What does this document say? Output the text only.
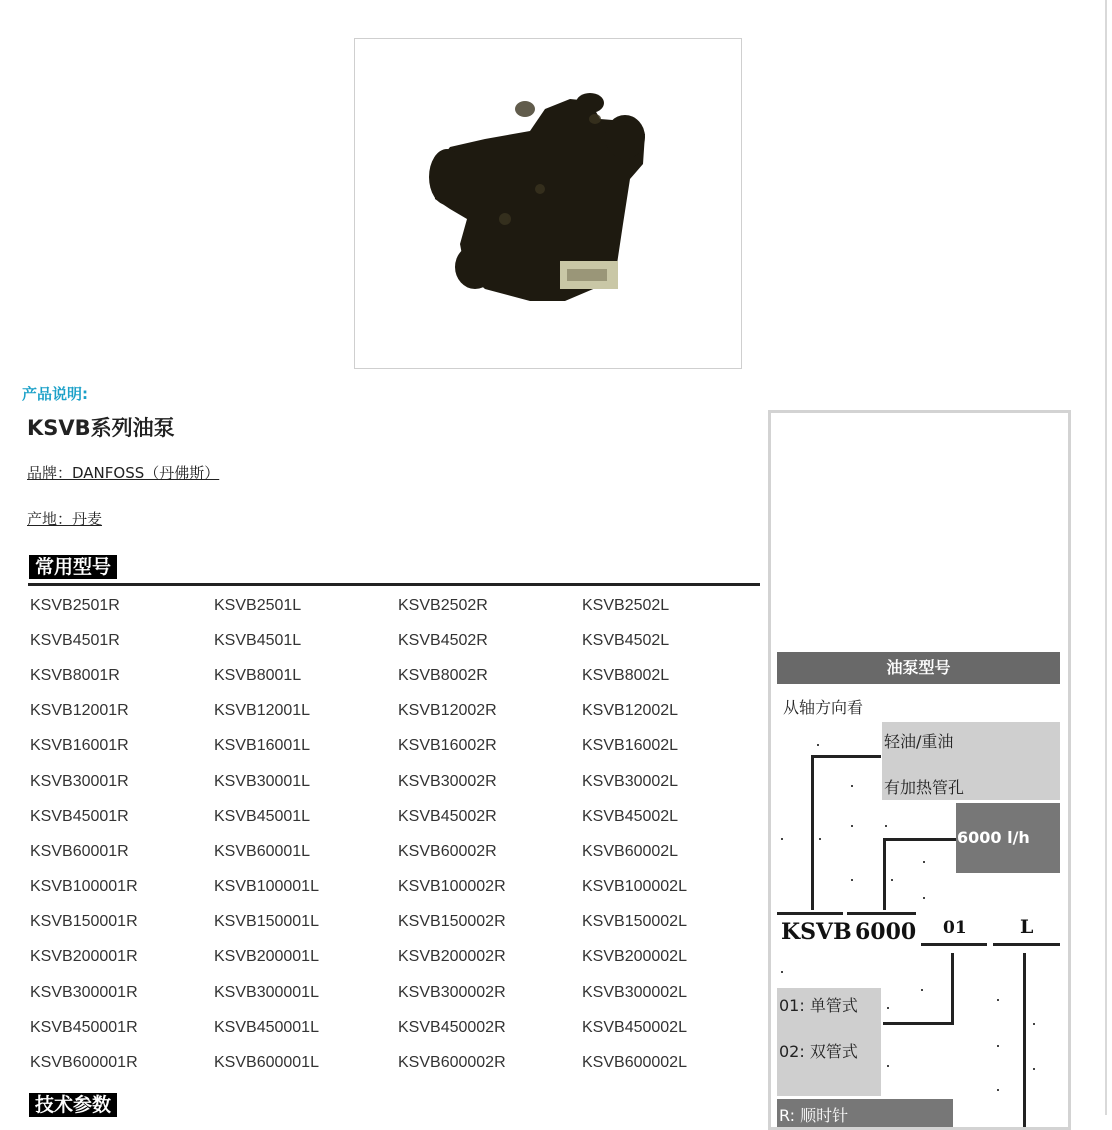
产品说明:
KSVB系列油泵
品牌：DANFOSS（丹佛斯）
产地：丹麦
常用型号
KSVB2501R	KSVB2501L	KSVB2502R	KSVB2502L
KSVB4501R	KSVB4501L	KSVB4502R	KSVB4502L
KSVB8001R	KSVB8001L	KSVB8002R	KSVB8002L
KSVB12001R	KSVB12001L	KSVB12002R	KSVB12002L
KSVB16001R	KSVB16001L	KSVB16002R	KSVB16002L
KSVB30001R	KSVB30001L	KSVB30002R	KSVB30002L
KSVB45001R	KSVB45001L	KSVB45002R	KSVB45002L
KSVB60001R	KSVB60001L	KSVB60002R	KSVB60002L
KSVB100001R	KSVB100001L	KSVB100002R	KSVB100002L
KSVB150001R	KSVB150001L	KSVB150002R	KSVB150002L
KSVB200001R	KSVB200001L	KSVB200002R	KSVB200002L
KSVB300001R	KSVB300001L	KSVB300002R	KSVB300002L
KSVB450001R	KSVB450001L	KSVB450002R	KSVB450002L
KSVB600001R	KSVB600001L	KSVB600002R	KSVB600002L
技术参数
油泵型号
从轴方向看
轻油/重油
有加热管孔
6000 l/h
KSVB 6000 01	L
01: 单管式
02: 双管式
R: 顺时针
